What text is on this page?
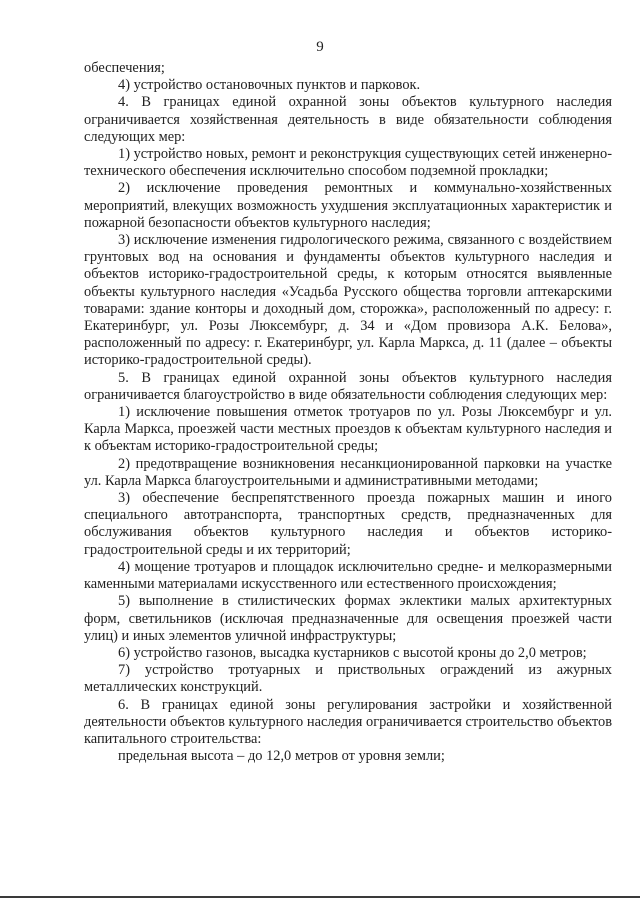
9

обеспечения;

4) устройство остановочных пунктов и парковок.

4. В границах единой охранной зоны объектов культурного наследия ограничивается хозяйственная деятельность в виде обязательности соблюдения следующих мер:

1) устройство новых, ремонт и реконструкция существующих сетей инженерно-технического обеспечения исключительно способом подземной прокладки;

2) исключение проведения ремонтных и коммунально-хозяйственных мероприятий, влекущих возможность ухудшения эксплуатационных характеристик и пожарной безопасности объектов культурного наследия;

3) исключение изменения гидрологического режима, связанного с воздействием грунтовых вод на основания и фундаменты объектов культурного наследия и объектов историко-градостроительной среды, к которым относятся выявленные объекты культурного наследия «Усадьба Русского общества торговли аптекарскими товарами: здание конторы и доходный дом, сторожка», расположенный по адресу: г. Екатеринбург, ул. Розы Люксембург, д. 34 и «Дом провизора А.К. Белова», расположенный по адресу: г. Екатеринбург, ул. Карла Маркса, д. 11 (далее – объекты историко-градостроительной среды).

5. В границах единой охранной зоны объектов культурного наследия ограничивается благоустройство в виде обязательности соблюдения следующих мер:

1) исключение повышения отметок тротуаров по ул. Розы Люксембург и ул. Карла Маркса, проезжей части местных проездов к объектам культурного наследия и к объектам историко-градостроительной среды;

2) предотвращение возникновения несанкционированной парковки на участке ул. Карла Маркса благоустроительными и административными методами;

3) обеспечение беспрепятственного проезда пожарных машин и иного специального автотранспорта, транспортных средств, предназначенных для обслуживания объектов культурного наследия и объектов историко-градостроительной среды и их территорий;

4) мощение тротуаров и площадок исключительно средне- и мелкоразмерными каменными материалами искусственного или естественного происхождения;

5) выполнение в стилистических формах эклектики малых архитектурных форм, светильников (исключая предназначенные для освещения проезжей части улиц) и иных элементов уличной инфраструктуры;

6) устройство газонов, высадка кустарников с высотой кроны до 2,0 метров;

7) устройство тротуарных и приствольных ограждений из ажурных металлических конструкций.

6. В границах единой зоны регулирования застройки и хозяйственной деятельности объектов культурного наследия ограничивается строительство объектов капитального строительства:

предельная высота – до 12,0 метров от уровня земли;
